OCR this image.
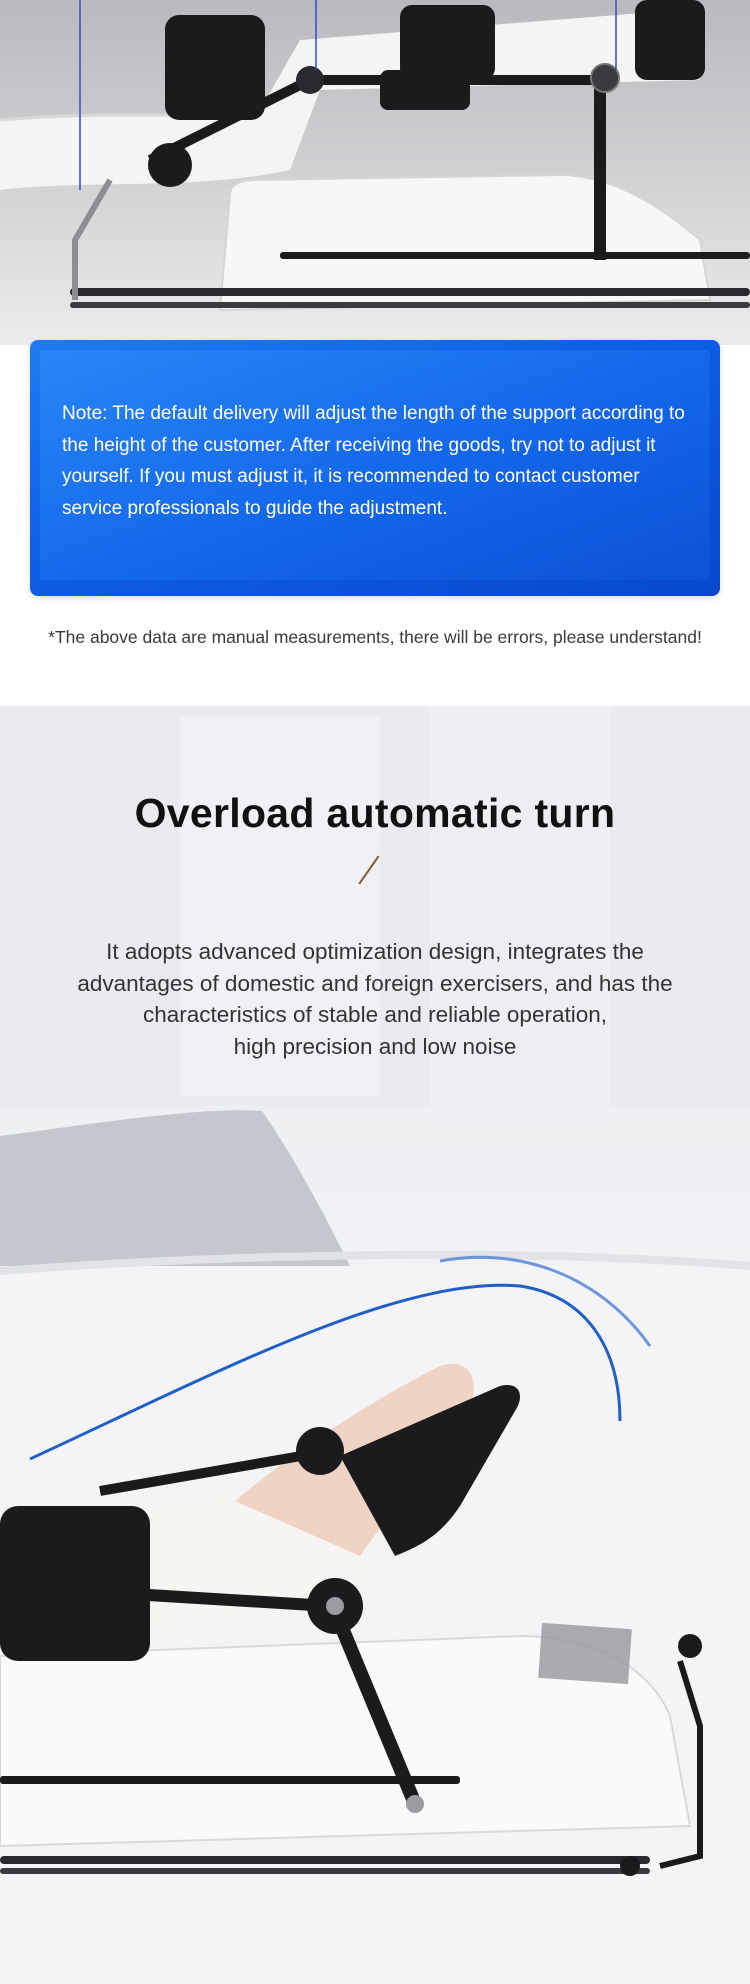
Note: The default delivery will adjust the length of the support according to the height of the customer. After receiving the goods, try not to adjust it yourself. If you must adjust it, it is recommended to contact customer service professionals to guide the adjustment.
*The above data are manual measurements, there will be errors, please understand!
Overload automatic turn
It adopts advanced optimization design, integrates the
advantages of domestic and foreign exercisers, and has the
characteristics of stable and reliable operation,
high precision and low noise
